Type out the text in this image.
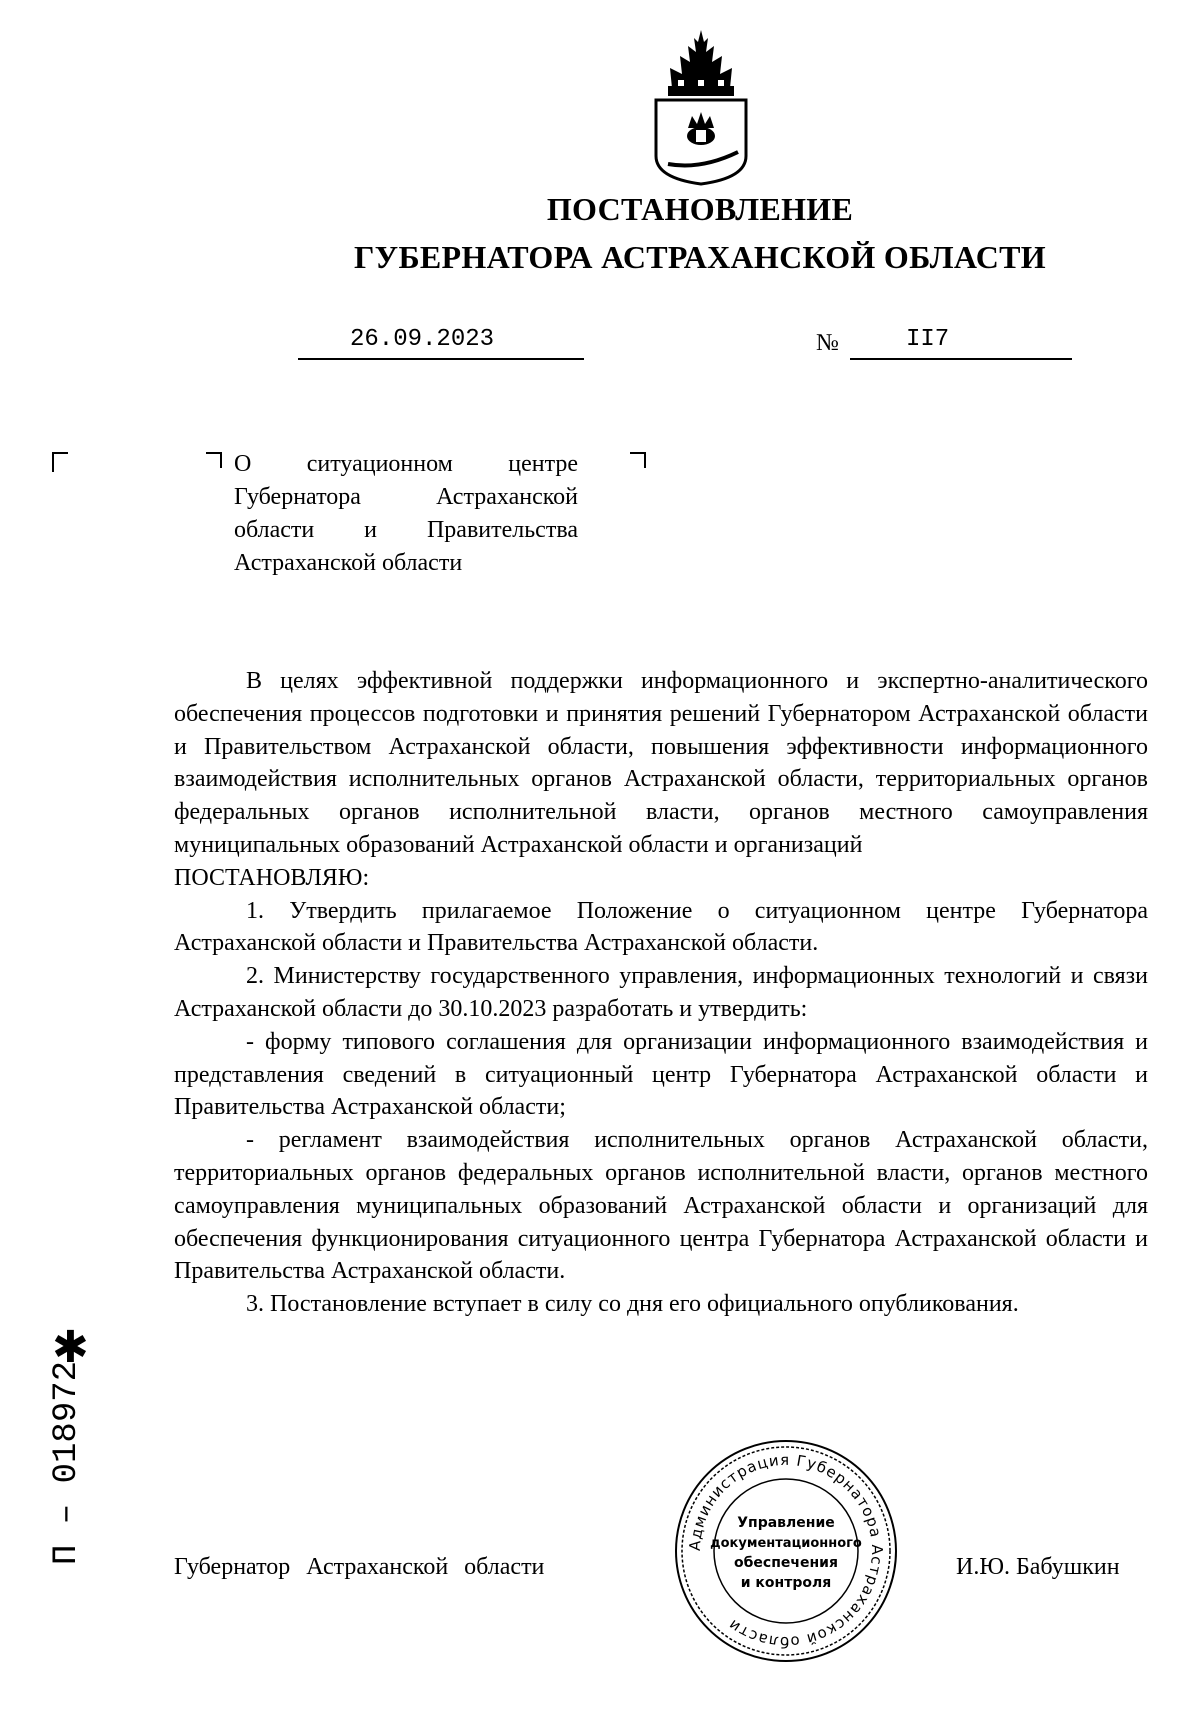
ПОСТАНОВЛЕНИЕ
ГУБЕРНАТОРА АСТРАХАНСКОЙ ОБЛАСТИ
26.09.2023	№	II7
О ситуационном центре
Губернатора Астраханской
области и Правительства
Астраханской области

В целях эффективной поддержки информационного и экспертно-аналитического обеспечения процессов подготовки и принятия решений Губернатором Астраханской области и Правительством Астраханской области, повышения эффективности информационного взаимодействия исполнительных органов Астраханской области, территориальных органов федеральных органов исполнительной власти, органов местного самоуправления муниципальных образований Астраханской области и организаций

ПОСТАНОВЛЯЮ:

1. Утвердить прилагаемое Положение о ситуационном центре Губернатора Астраханской области и Правительства Астраханской области.

2. Министерству государственного управления, информационных технологий и связи Астраханской области до 30.10.2023 разработать и утвердить:

- форму типового соглашения для организации информационного взаимодействия и представления сведений в ситуационный центр Губернатора Астраханской области и Правительства Астраханской области;

- регламент взаимодействия исполнительных органов Астраханской области, территориальных органов федеральных органов исполнительной власти, органов местного самоуправления муниципальных образований Астраханской области и организаций для обеспечения функционирования ситуационного центра Губернатора Астраханской области и Правительства Астраханской области.

3. Постановление вступает в силу со дня его официального опубликования.

Губернатор Астраханской области	И.Ю. Бабушкин
Администрация Губернатора Астраханской области
Управление
документационного
обеспечения
и контроля
✱
П – 018972
